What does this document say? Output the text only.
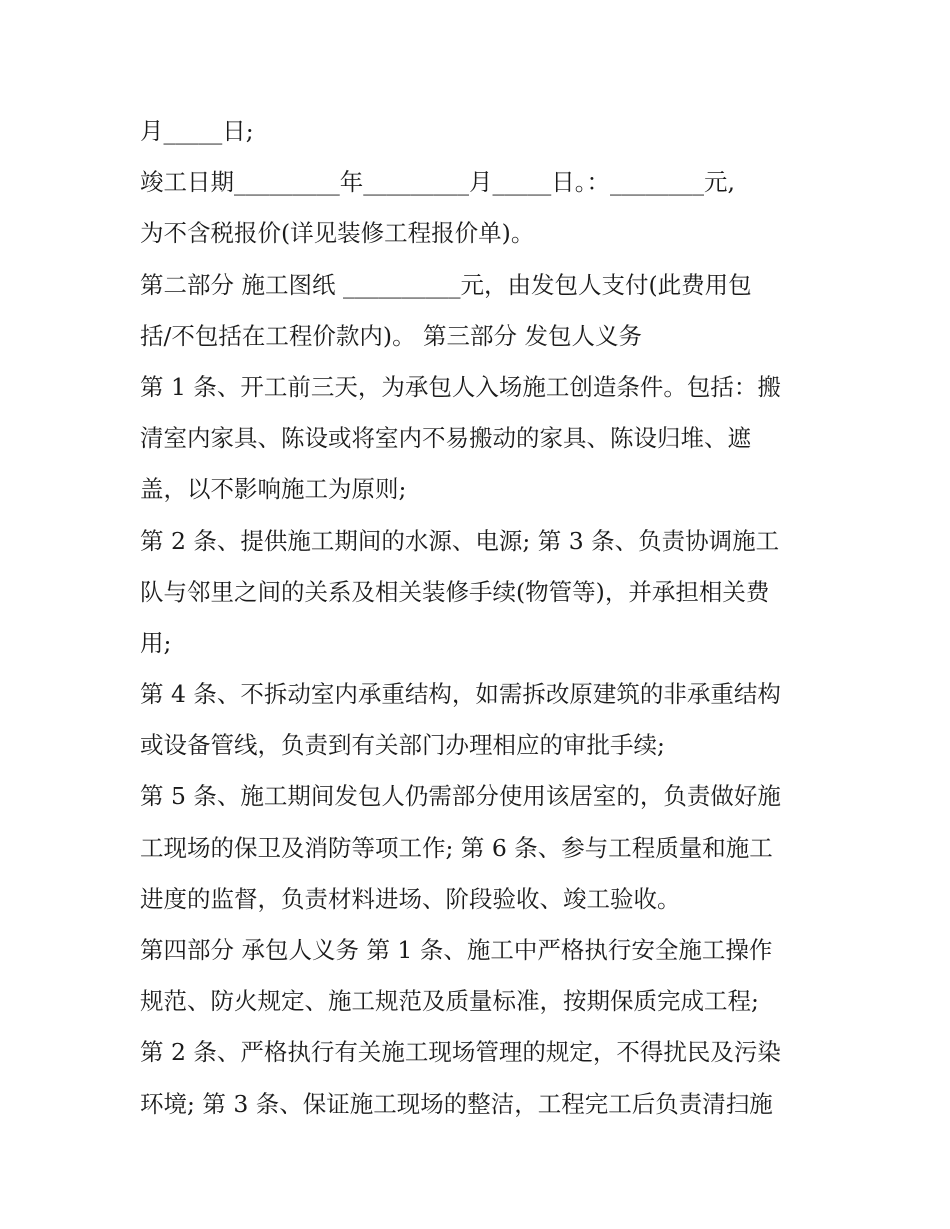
月_____日;
竣工日期_________年_________月_____日。：________元,
为不含税报价(详见装修工程报价单)。
第二部分 施工图纸 __________元，由发包人支付(此费用包
括/不包括在工程价款内)。 第三部分 发包人义务
第 1 条、开工前三天，为承包人入场施工创造条件。包括：搬
清室内家具、陈设或将室内不易搬动的家具、陈设归堆、遮
盖，以不影响施工为原则;
第 2 条、提供施工期间的水源、电源; 第 3 条、负责协调施工
队与邻里之间的关系及相关装修手续(物管等)，并承担相关费
用;
第 4 条、不拆动室内承重结构，如需拆改原建筑的非承重结构
或设备管线，负责到有关部门办理相应的审批手续;
第 5 条、施工期间发包人仍需部分使用该居室的，负责做好施
工现场的保卫及消防等项工作; 第 6 条、参与工程质量和施工
进度的监督，负责材料进场、阶段验收、竣工验收。
第四部分 承包人义务 第 1 条、施工中严格执行安全施工操作
规范、防火规定、施工规范及质量标准，按期保质完成工程;
第 2 条、严格执行有关施工现场管理的规定，不得扰民及污染
环境; 第 3 条、保证施工现场的整洁，工程完工后负责清扫施
